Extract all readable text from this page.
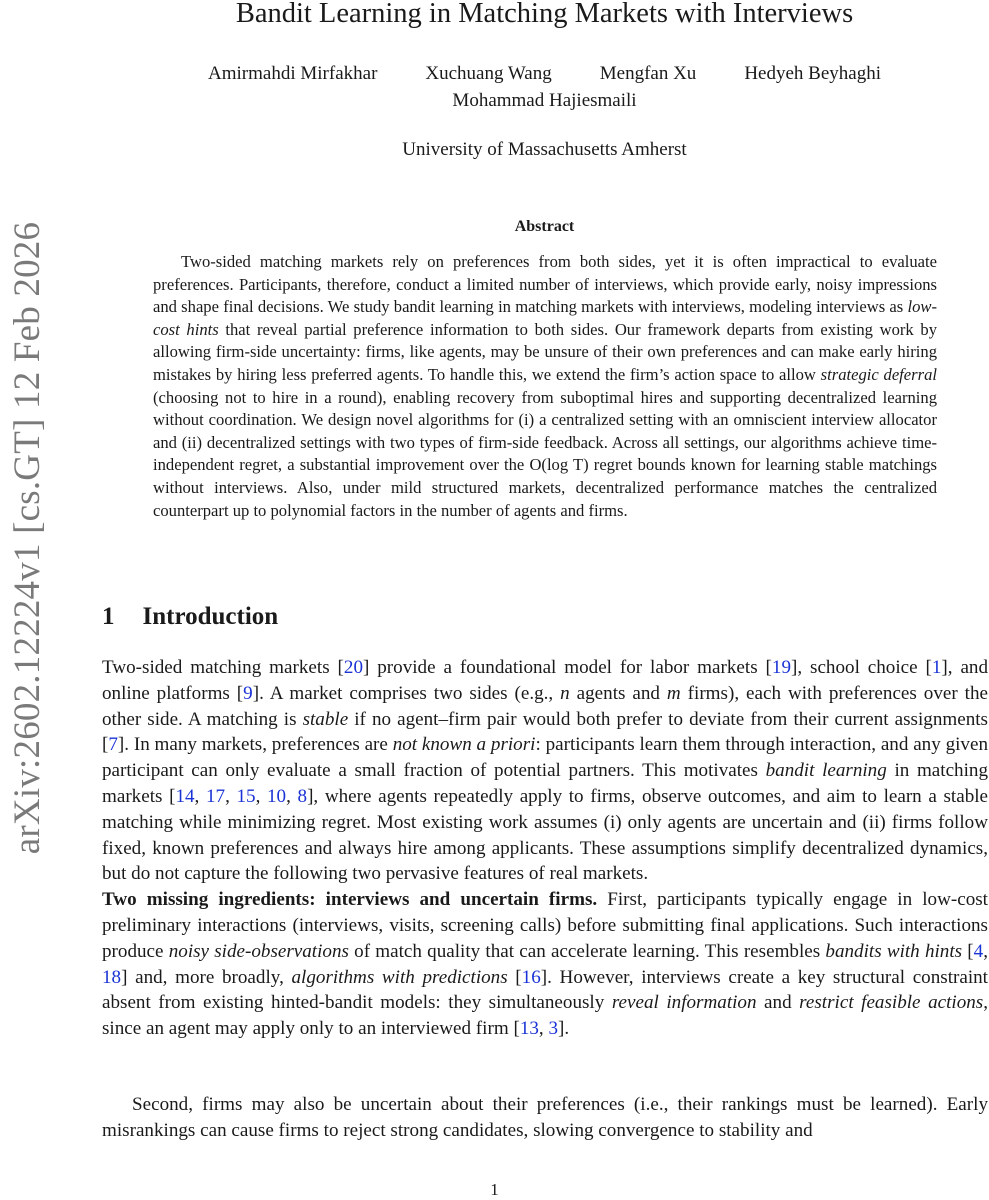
arXiv:2602.12224v1 [cs.GT] 12 Feb 2026
Bandit Learning in Matching Markets with Interviews
Amirmahdi Mirfakhar	Xuchuang Wang	Mengfan Xu	Hedyeh Beyhaghi
Mohammad Hajiesmaili
University of Massachusetts Amherst
Abstract

Two-sided matching markets rely on preferences from both sides, yet it is often impractical to evaluate preferences. Participants, therefore, conduct a limited number of interviews, which provide early, noisy impressions and shape final decisions. We study bandit learning in matching markets with interviews, modeling interviews as low-cost hints that reveal partial preference information to both sides. Our framework departs from existing work by allowing firm-side uncertainty: firms, like agents, may be unsure of their own preferences and can make early hiring mistakes by hiring less preferred agents. To handle this, we extend the firm’s action space to allow strategic deferral (choosing not to hire in a round), enabling recovery from suboptimal hires and supporting decentralized learning without coordination. We design novel algorithms for (i) a centralized setting with an omniscient interview allocator and (ii) decentralized settings with two types of firm-side feedback. Across all settings, our algorithms achieve time-independent regret, a substantial improvement over the O(log T) regret bounds known for learning stable matchings without interviews. Also, under mild structured markets, decentralized performance matches the centralized counterpart up to polynomial factors in the number of agents and firms.

1 Introduction

Two-sided matching markets [20] provide a foundational model for labor markets [19], school choice [1], and online platforms [9]. A market comprises two sides (e.g., n agents and m firms), each with preferences over the other side. A matching is stable if no agent–firm pair would both prefer to deviate from their current assignments [7]. In many markets, preferences are not known a priori: participants learn them through interaction, and any given participant can only evaluate a small fraction of potential partners. This motivates bandit learning in matching markets [14, 17, 15, 10, 8], where agents repeatedly apply to firms, observe outcomes, and aim to learn a stable matching while minimizing regret. Most existing work assumes (i) only agents are uncertain and (ii) firms follow fixed, known preferences and always hire among applicants. These assumptions simplify decentralized dynamics, but do not capture the following two pervasive features of real markets.
Two missing ingredients: interviews and uncertain firms. First, participants typically engage in low-cost preliminary interactions (interviews, visits, screening calls) before submitting final applications. Such interactions produce noisy side-observations of match quality that can accelerate learning. This resembles bandits with hints [4, 18] and, more broadly, algorithms with predictions [16]. However, interviews create a key structural constraint absent from existing hinted-bandit models: they simultaneously reveal information and restrict feasible actions, since an agent may apply only to an interviewed firm [13, 3].

Second, firms may also be uncertain about their preferences (i.e., their rankings must be learned). Early misrankings can cause firms to reject strong candidates, slowing convergence to stability and

1
